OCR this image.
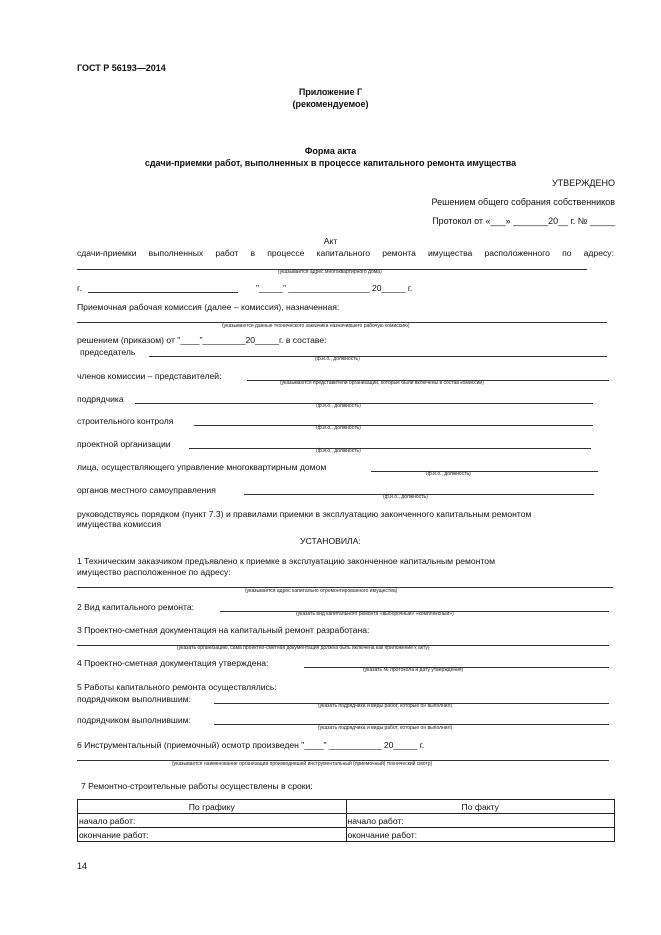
ГОСТ Р 56193—2014
Приложение Г
(рекомендуемое)
Форма акта
сдачи-приемки работ, выполненных в процессе капитального ремонта имущества
УТВЕРЖДЕНО
Решением общего собрания собственников
Протокол от «___» _______20__ г. № _____
Акт
сдачи-приемки выполненных работ в процессе капитального ремонта имущества расположенного по адресу:
(указывается адрес многоквартирного дома)
г.	"_____" _________________ 20_____ г.
Приемочная рабочая комиссия (далее – комиссия), назначенная:
(указываются данные технического заказчика назначившего рабочую комиссию)
решением (приказом) от "____"_________20_____г. в составе:
председатель
(ф.и.о., должность)
членов комиссии – представителей:
(указываются представители организаций, которые были включены в состав комиссии)
подрядчика
(ф.и.о., должность)
строительного контроля
(ф.и.о., должность)
проектной организации
(ф.и.о., должность)
лица, осуществляющего управление многоквартирным домом
(ф.и.о., должность)
органов местного самоуправления
(ф.и.о., должность)
руководствуясь порядком (пункт 7.3) и правилами приемки в эксплуатацию законченного капитальным ремонтом
имущества комиссия
УСТАНОВИЛА:
1 Техническим заказчиком предъявлено к приемке в эксплуатацию законченное капитальным ремонтом
имущество расположенное по адресу:
(указывается адрес капитально отремонтированного имущества)
2 Вид капитального ремонта:
(указать вид капитального ремонта «выборочный» «комплексный»)
3 Проектно-сметная документация на капитальный ремонт разработана:
(указать организацию, сама проектно-сметная документация должна быть включена как приложение к акту)
4 Проектно-сметная документация утверждена:
(указать № протокола и дату утверждения)
5 Работы капитального ремонта осуществлялись:
подрядчиком выполнившим:
(указать подрядчика и виды работ, которые он выполнил)
подрядчиком выполнившим:
(указать подрядчика и виды работ, которые он выполнил)
6 Инструментальный (приемочный) осмотр произведен "____" ___________ 20_____ г.
(указывается наименование организации производившей инструментальный (приемочный) технический смотр)
7 Ремонтно-строительные работы осуществлены в сроки:
По графику	По факту
начало работ:	начало работ:
окончание работ:	окончание работ:
14
